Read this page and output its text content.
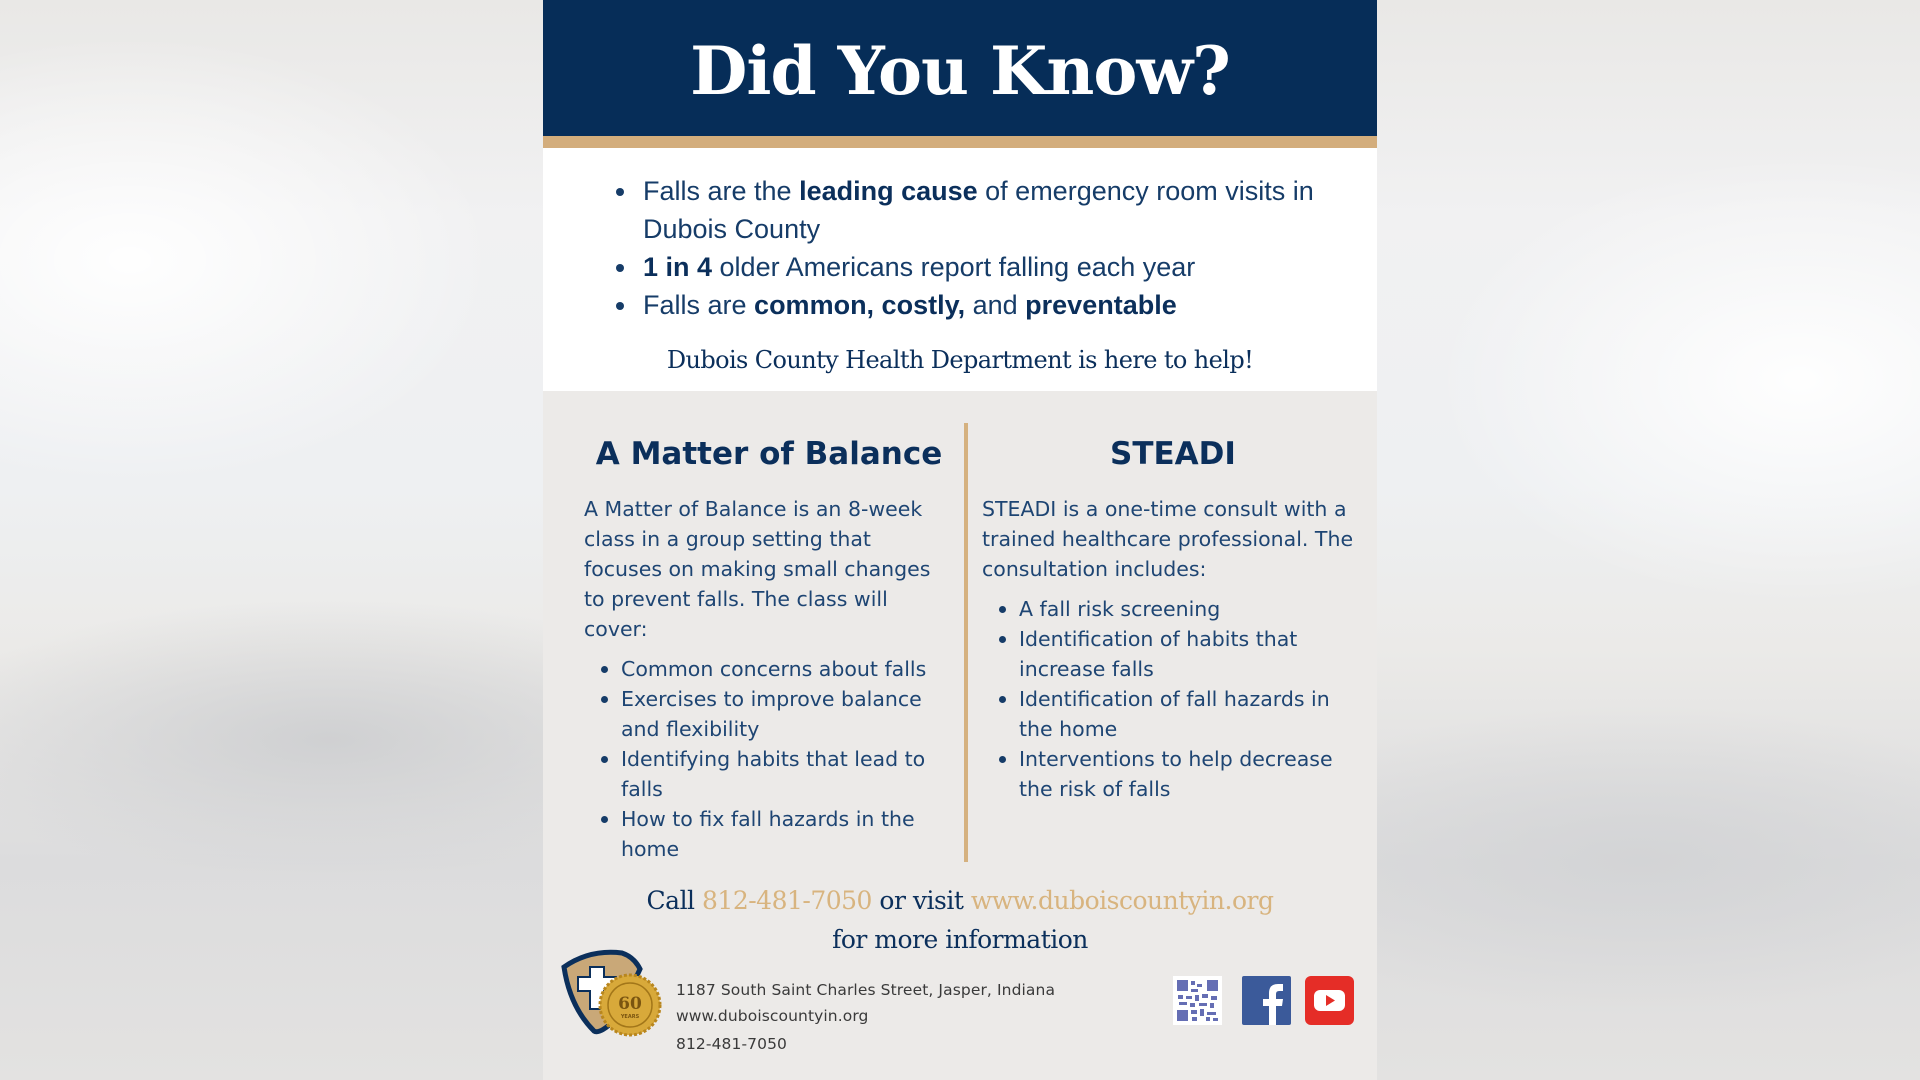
Did You Know?
Falls are the leading cause of emergency room visits in Dubois County
1 in 4 older Americans report falling each year
Falls are common, costly, and preventable
Dubois County Health Department is here to help!
A Matter of Balance

A Matter of Balance is an 8-week class in a group setting that focuses on making small changes to prevent falls. The class will cover:

Common concerns about falls
Exercises to improve balance and flexibility
Identifying habits that lead to falls
How to fix fall hazards in the home
STEADI

STEADI is a one-time consult with a trained healthcare professional. The consultation includes:

A fall risk screening
Identification of habits that increase falls
Identification of fall hazards in the home
Interventions to help decrease the risk of falls
Call 812-481-7050 or visit www.duboiscountyin.org
for more information
60
YEARS
1187 South Saint Charles Street, Jasper, Indiana
www.duboiscountyin.org
812-481-7050
